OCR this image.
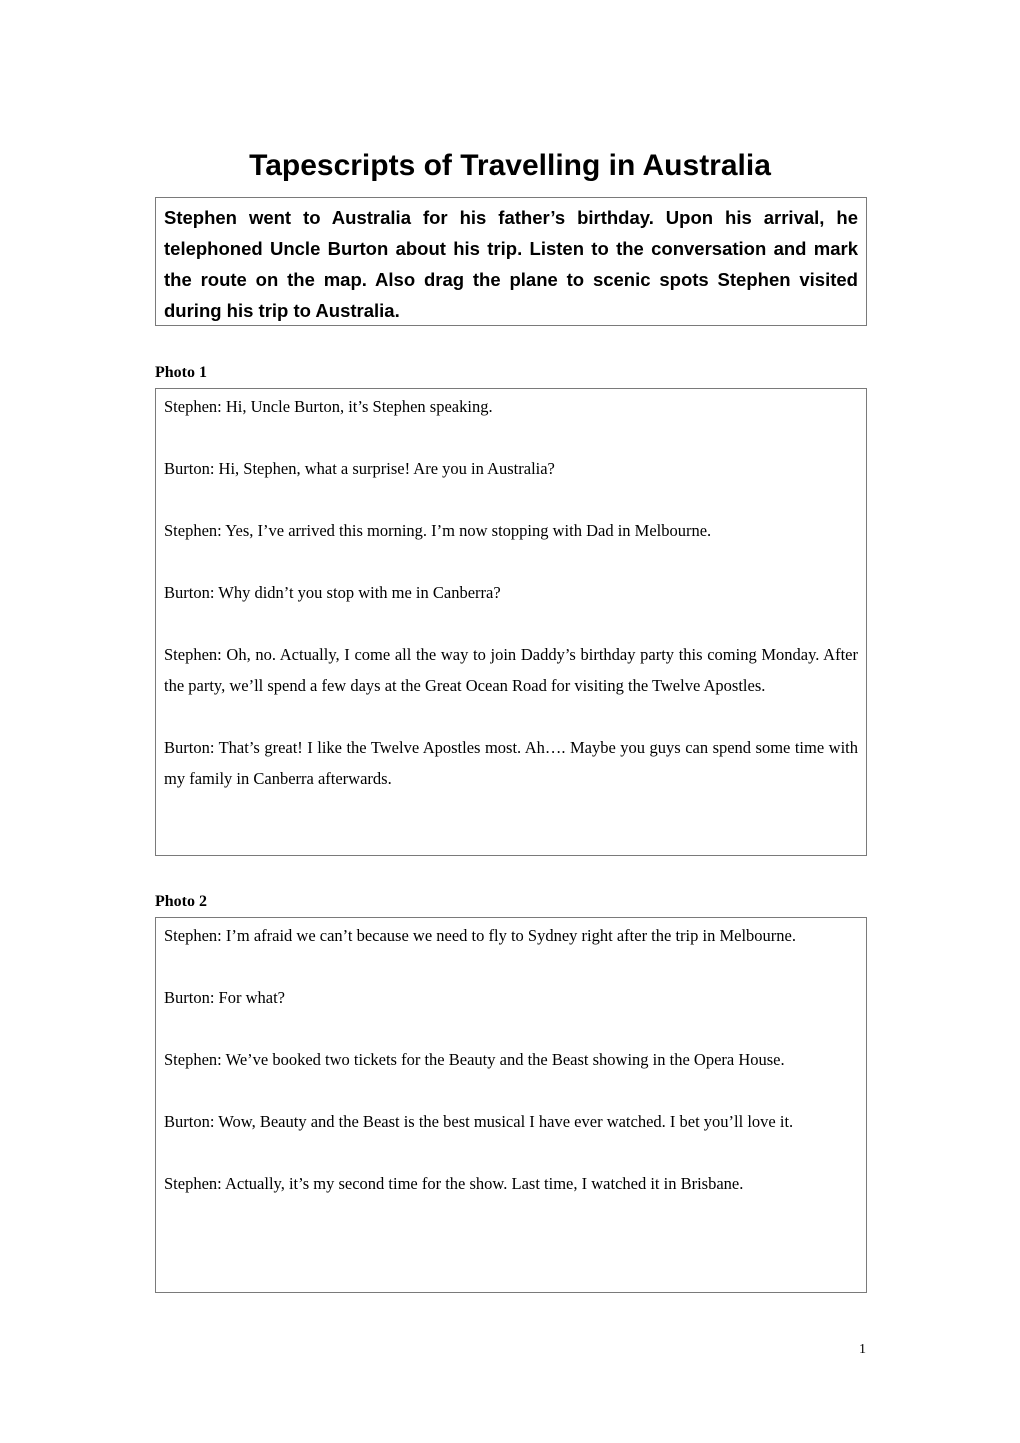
Tapescripts of Travelling in Australia
Stephen went to Australia for his father’s birthday. Upon his arrival, he telephoned Uncle Burton about his trip. Listen to the conversation and mark the route on the map. Also drag the plane to scenic spots Stephen visited during his trip to Australia.

Photo 1

Stephen: Hi, Uncle Burton, it’s Stephen speaking.

Burton: Hi, Stephen, what a surprise! Are you in Australia?

Stephen: Yes, I’ve arrived this morning. I’m now stopping with Dad in Melbourne.

Burton: Why didn’t you stop with me in Canberra?

Stephen: Oh, no. Actually, I come all the way to join Daddy’s birthday party this coming Monday. After the party, we’ll spend a few days at the Great Ocean Road for visiting the Twelve Apostles.

Burton: That’s great! I like the Twelve Apostles most. Ah…. Maybe you guys can spend some time with my family in Canberra afterwards.

Photo 2

Stephen: I’m afraid we can’t because we need to fly to Sydney right after the trip in Melbourne.

Burton: For what?

Stephen: We’ve booked two tickets for the Beauty and the Beast showing in the Opera House.

Burton: Wow, Beauty and the Beast is the best musical I have ever watched. I bet you’ll love it.

Stephen: Actually, it’s my second time for the show. Last time, I watched it in Brisbane.

1
